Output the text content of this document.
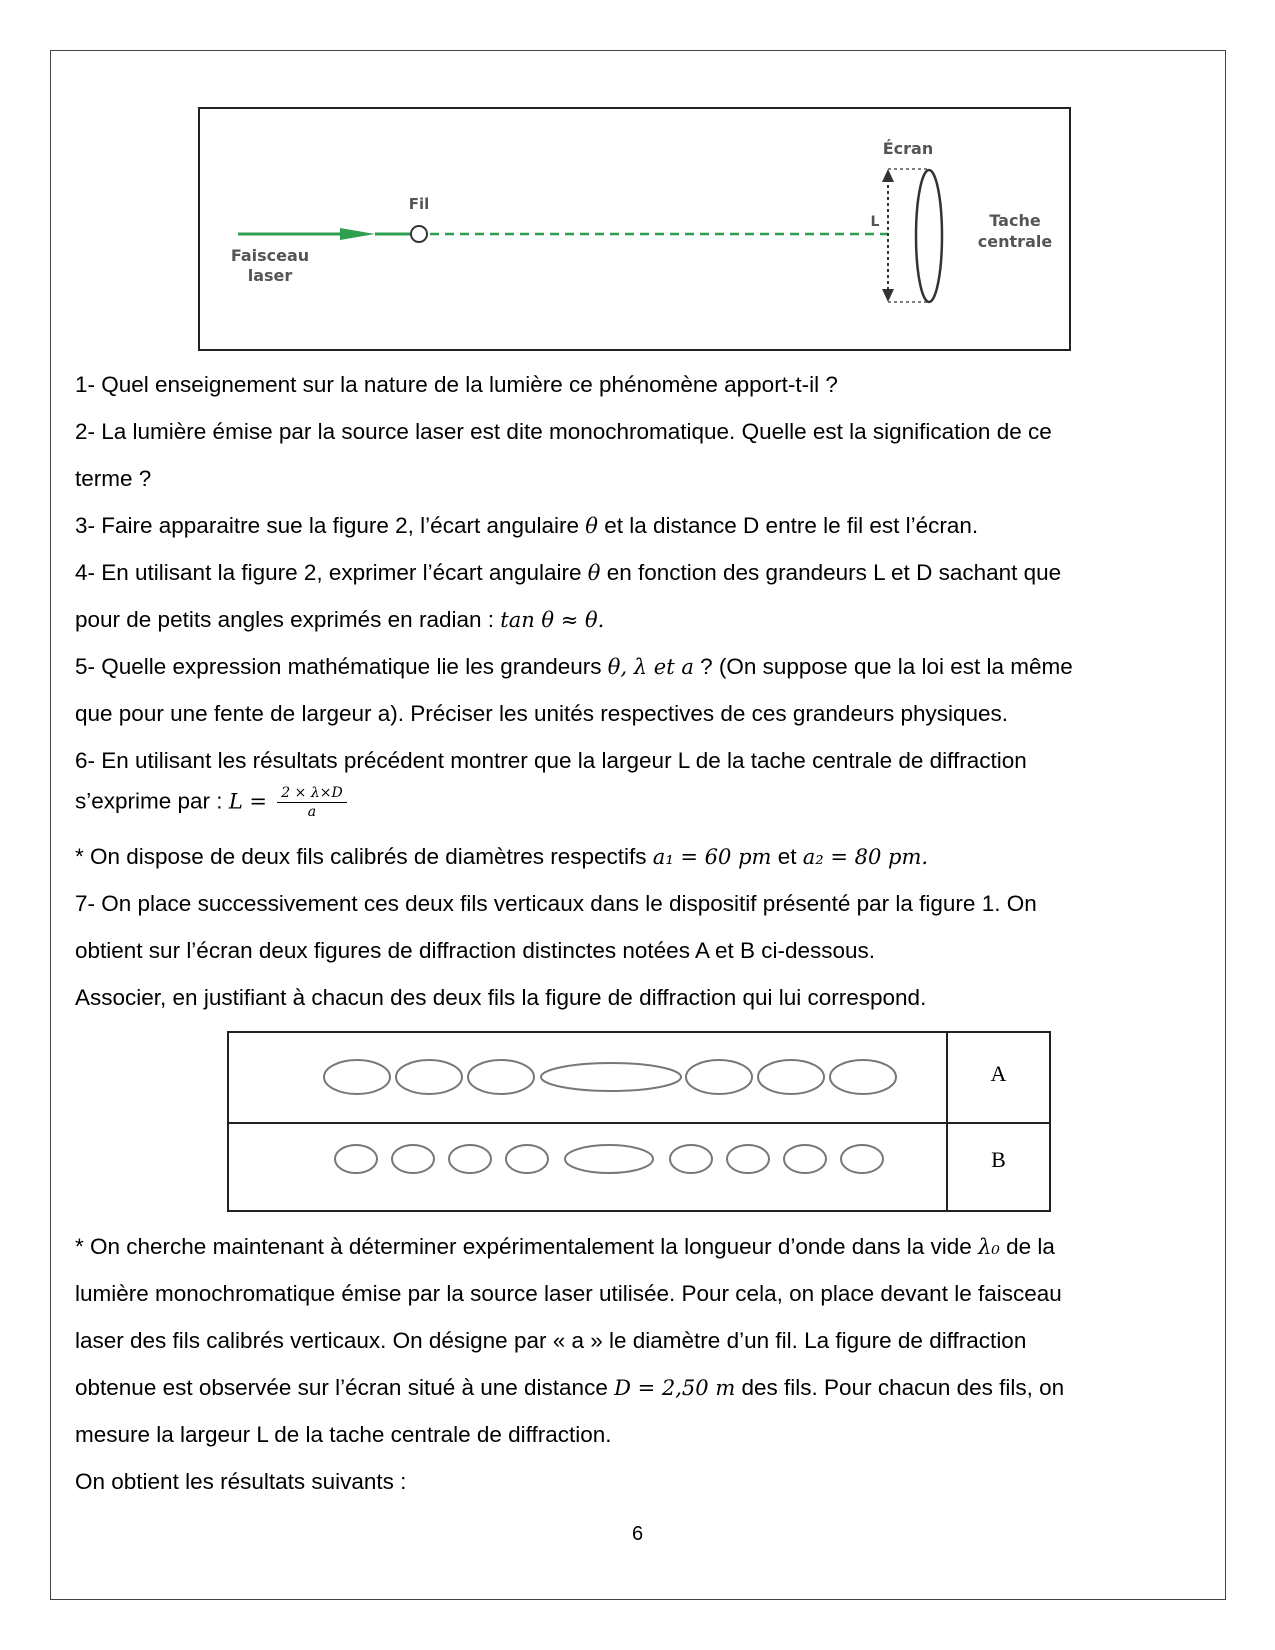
Fil
Faisceau
laser
Écran
L	Tache
centrale
1- Quel enseignement sur la nature de la lumière ce phénomène apport-t-il ?
2- La lumière émise par la source laser est dite monochromatique. Quelle est la signification de ce
terme ?
3- Faire apparaitre sue la figure 2, l’écart angulaire θ et la distance D entre le fil est l’écran.
4- En utilisant la figure 2, exprimer l’écart angulaire θ en fonction des grandeurs L et D sachant que
pour de petits angles exprimés en radian : tan θ ≈ θ.
5- Quelle expression mathématique lie les grandeurs θ, λ et a ? (On suppose que la loi est la même
que pour une fente de largeur a). Préciser les unités respectives de ces grandeurs physiques.
6- En utilisant les résultats précédent montrer que la largeur L de la tache centrale de diffraction
s’exprime par : $L = \frac{2 \times \lambda\times D}{a}$
* On dispose de deux fils calibrés de diamètres respectifs a₁ = 60 pm et a₂ = 80 pm.
7- On place successivement ces deux fils verticaux dans le dispositif présenté par la figure 1. On
obtient sur l’écran deux figures de diffraction distinctes notées A et B ci-dessous.
Associer, en justifiant à chacun des deux fils la figure de diffraction qui lui correspond.
A
B
* On cherche maintenant à déterminer expérimentalement la longueur d’onde dans la vide λ₀ de la
lumière monochromatique émise par la source laser utilisée. Pour cela, on place devant le faisceau
laser des fils calibrés verticaux. On désigne par « a » le diamètre d’un fil. La figure de diffraction
obtenue est observée sur l’écran situé à une distance D = 2,50 m des fils. Pour chacun des fils, on
mesure la largeur L de la tache centrale de diffraction.
On obtient les résultats suivants :
6
